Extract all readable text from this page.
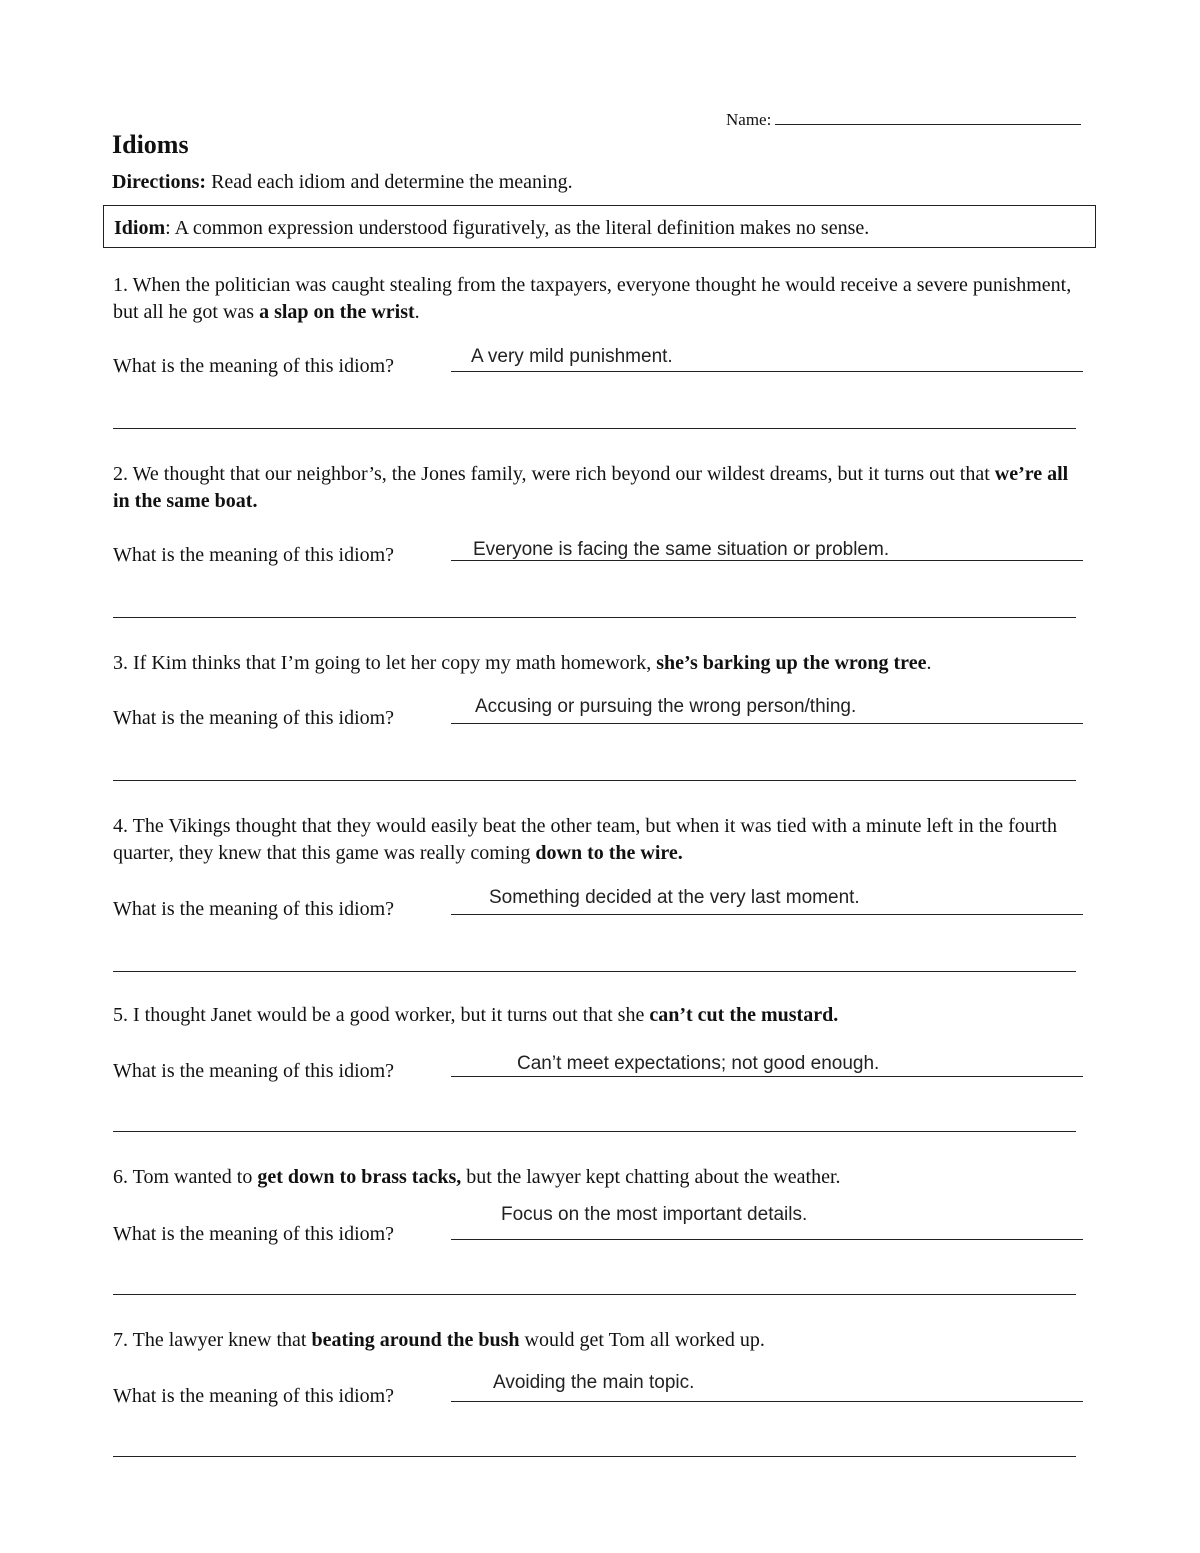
Name:
Idioms
Directions: Read each idiom and determine the meaning.
Idiom: A common expression understood figuratively, as the literal definition makes no sense.
1. When the politician was caught stealing from the taxpayers, everyone thought he would receive a severe punishment, but all he got was a slap on the wrist.
What is the meaning of this idiom?	A very mild punishment.
2. We thought that our neighbor’s, the Jones family, were rich beyond our wildest dreams, but it turns out that we’re all in the same boat.
What is the meaning of this idiom?	Everyone is facing the same situation or problem.
3. If Kim thinks that I’m going to let her copy my math homework, she’s barking up the wrong tree.
What is the meaning of this idiom?
Accusing or pursuing the wrong person/thing.
4. The Vikings thought that they would easily beat the other team, but when it was tied with a minute left in the fourth quarter, they knew that this game was really coming down to the wire.
What is the meaning of this idiom?
Something decided at the very last moment.
5. I thought Janet would be a good worker, but it turns out that she can’t cut the mustard.
What is the meaning of this idiom?	Can’t meet expectations; not good enough.
6. Tom wanted to get down to brass tacks, but the lawyer kept chatting about the weather.
What is the meaning of this idiom?
Focus on the most important details.
7. The lawyer knew that beating around the bush would get Tom all worked up.
What is the meaning of this idiom?
Avoiding the main topic.
